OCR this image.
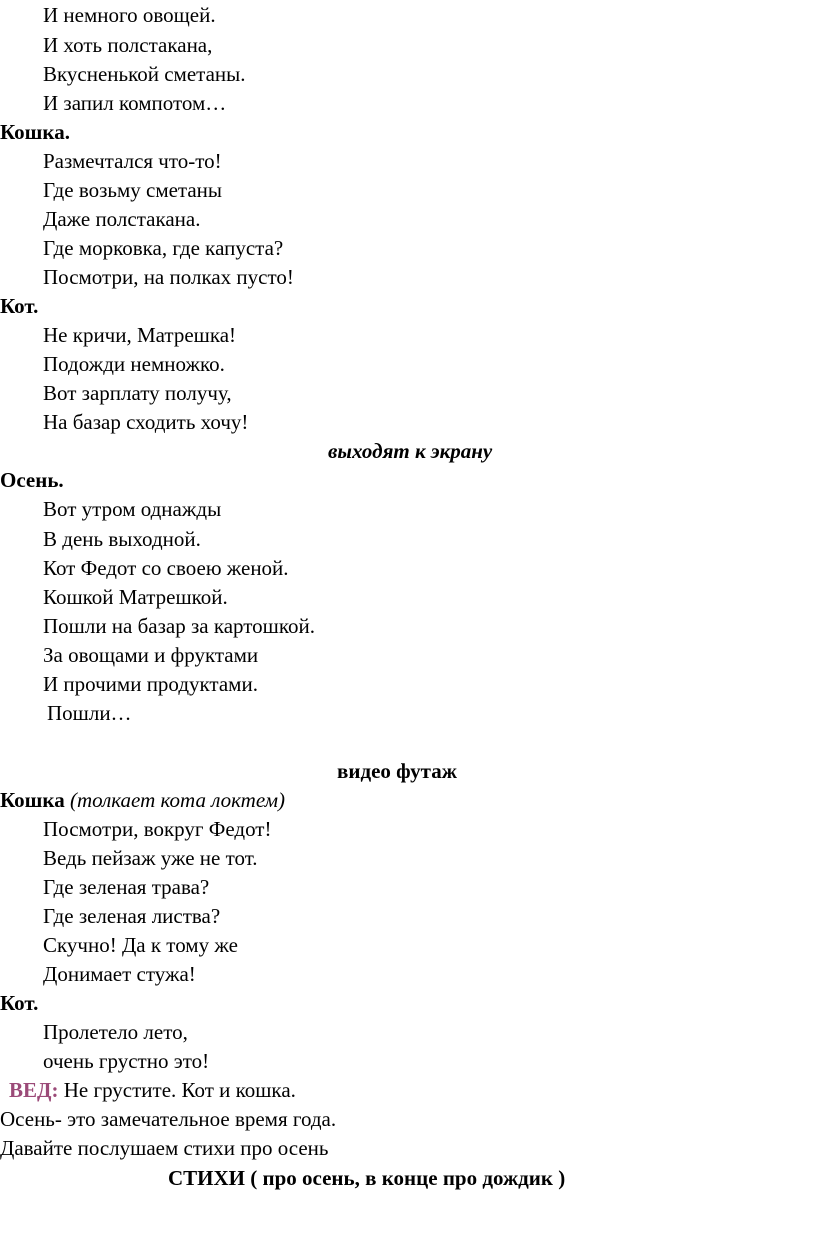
И немного овощей.

И хоть полстакана,

Вкусненькой сметаны.

И запил компотом…

Кошка.

Размечтался что-то!

Где возьму сметаны

Даже полстакана.

Где морковка, где капуста?

Посмотри, на полках пусто!

Кот.

Не кричи, Матрешка!

Подожди немножко.

Вот зарплату получу,

На базар сходить хочу!

выходят к экрану

Осень.

Вот утром однажды

В день выходной.

Кот Федот со своею женой.

Кошкой Матрешкой.

Пошли на базар за картошкой.

За овощами и фруктами

И прочими продуктами.

Пошли…

видео футаж

Кошка (толкает кота локтем)

Посмотри, вокруг Федот!

Ведь пейзаж уже не тот.

Где зеленая трава?

Где зеленая листва?

Скучно! Да к тому же

Донимает стужа!

Кот.

Пролетело лето,

очень грустно это!

ВЕД: Не грустите. Кот и кошка.

Осень- это замечательное время года.

Давайте послушаем стихи про осень

СТИХИ ( про осень, в конце про дождик )
